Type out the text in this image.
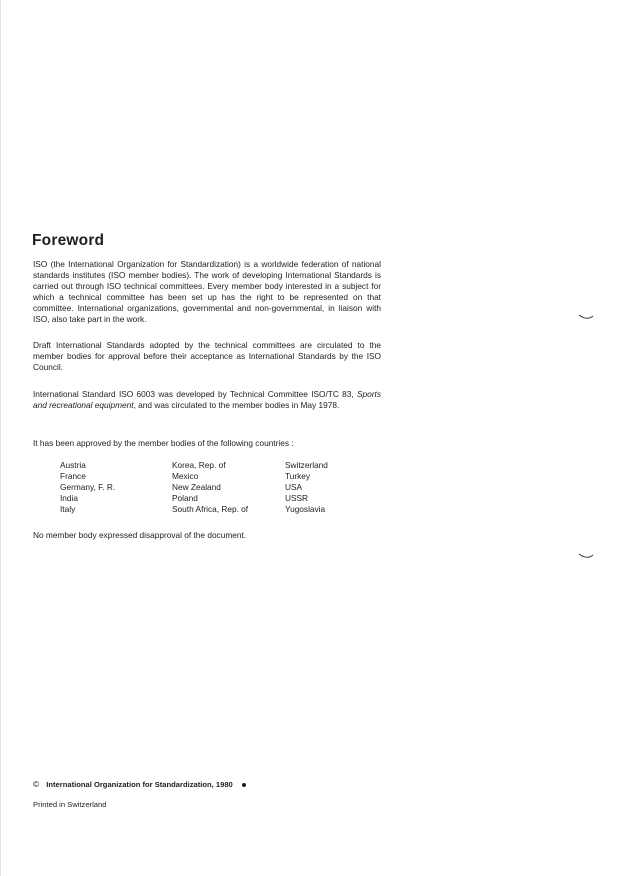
Foreword

ISO (the International Organization for Standardization) is a worldwide federation of national standards institutes (ISO member bodies). The work of developing International Standards is carried out through ISO technical committees. Every member body interested in a subject for which a technical committee has been set up has the right to be represented on that committee. International organizations, governmental and non-governmental, in liaison with ISO, also take part in the work.

Draft International Standards adopted by the technical committees are circulated to the member bodies for approval before their acceptance as International Standards by the ISO Council.

International Standard ISO 6003 was developed by Technical Committee ISO/TC 83, Sports and recreational equipment, and was circulated to the member bodies in May 1978.

It has been approved by the member bodies of the following countries :

Austria
France
Germany, F. R.
India
Italy
Korea, Rep. of
Mexico
New Zealand
Poland
South Africa, Rep. of
Switzerland
Turkey
USA
USSR
Yugoslavia

No member body expressed disapproval of the document.

© International Organization for Standardization, 1980
Printed in Switzerland
